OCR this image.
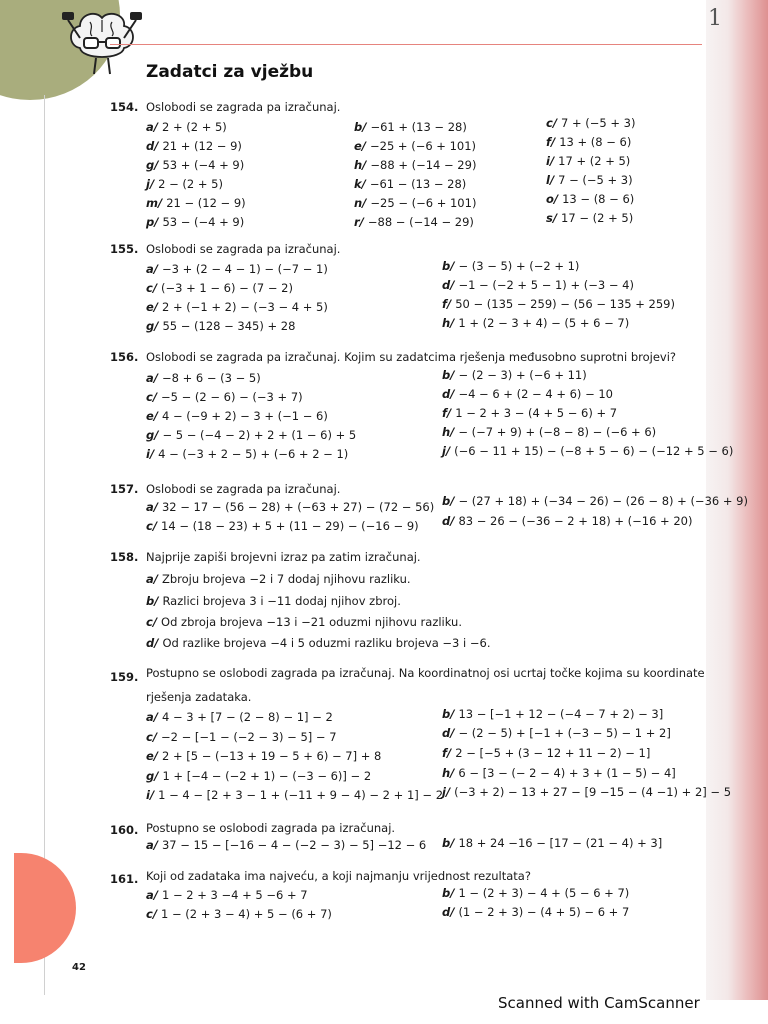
1
Zadatci za vježbu
154. Oslobodi se zagrada pa izračunaj.
a/ 2 + (2 + 5)	b/ −61 + (13 − 28)	c/ 7 + (−5 + 3)
d/ 21 + (12 − 9)	e/ −25 + (−6 + 101)	f/ 13 + (8 − 6)
g/ 53 + (−4 + 9)	h/ −88 + (−14 − 29)	i/ 17 + (2 + 5)
j/ 2 − (2 + 5)	k/ −61 − (13 − 28)	l/ 7 − (−5 + 3)
m/ 21 − (12 − 9)	n/ −25 − (−6 + 101)	o/ 13 − (8 − 6)
p/ 53 − (−4 + 9)	r/ −88 − (−14 − 29)	s/ 17 − (2 + 5)
155. Oslobodi se zagrada pa izračunaj.
a/ −3 + (2 − 4 − 1) − (−7 − 1)	b/ − (3 − 5) + (−2 + 1)
c/ (−3 + 1 − 6) − (7 − 2)	d/ −1 − (−2 + 5 − 1) + (−3 − 4)
e/ 2 + (−1 + 2) − (−3 − 4 + 5)	f/ 50 − (135 − 259) − (56 − 135 + 259)
g/ 55 − (128 − 345) + 28	h/ 1 + (2 − 3 + 4) − (5 + 6 − 7)
156. Oslobodi se zagrada pa izračunaj. Kojim su zadatcima rješenja međusobno suprotni brojevi?
a/ −8 + 6 − (3 − 5)	b/ − (2 − 3) + (−6 + 11)
c/ −5 − (2 − 6) − (−3 + 7)	d/ −4 − 6 + (2 − 4 + 6) − 10
e/ 4 − (−9 + 2) − 3 + (−1 − 6)	f/ 1 − 2 + 3 − (4 + 5 − 6) + 7
g/ − 5 − (−4 − 2) + 2 + (1 − 6) + 5	h/ − (−7 + 9) + (−8 − 8) − (−6 + 6)
i/ 4 − (−3 + 2 − 5) + (−6 + 2 − 1)	j/ (−6 − 11 + 15) − (−8 + 5 − 6) − (−12 + 5 − 6)
157. Oslobodi se zagrada pa izračunaj.
a/ 32 − 17 − (56 − 28) + (−63 + 27) − (72 − 56) b/ − (27 + 18) + (−34 − 26) − (26 − 8) + (−36 + 9)
c/ 14 − (18 − 23) + 5 + (11 − 29) − (−16 − 9) d/ 83 − 26 − (−36 − 2 + 18) + (−16 + 20)
158. Najprije zapiši brojevni izraz pa zatim izračunaj.
a/ Zbroju brojeva −2 i 7 dodaj njihovu razliku.
b/ Razlici brojeva 3 i −11 dodaj njihov zbroj.
c/ Od zbroja brojeva −13 i −21 oduzmi njihovu razliku.
d/ Od razlike brojeva −4 i 5 oduzmi razliku brojeva −3 i −6.
159. Postupno se oslobodi zagrada pa izračunaj. Na koordinatnoj osi ucrtaj točke kojima su koordinate
rješenja zadataka.
a/ 4 − 3 + [7 − (2 − 8) − 1] − 2	b/ 13 − [−1 + 12 − (−4 − 7 + 2) − 3]
c/ −2 − [−1 − (−2 − 3) − 5] − 7	d/ − (2 − 5) + [−1 + (−3 − 5) − 1 + 2]
e/ 2 + [5 − (−13 + 19 − 5 + 6) − 7] + 8	f/ 2 − [−5 + (3 − 12 + 11 − 2) − 1]
g/ 1 + [−4 − (−2 + 1) − (−3 − 6)] − 2	h/ 6 − [3 − (− 2 − 4) + 3 + (1 − 5) − 4]
i/ 1 − 4 − [2 + 3 − 1 + (−11 + 9 − 4) − 2 + 1] − 2
j/ (−3 + 2) − 13 + 27 − [9 −15 − (4 −1) + 2] − 5
160. Postupno se oslobodi zagrada pa izračunaj.
a/ 37 − 15 − [−16 − 4 − (−2 − 3) − 5] −12 − 6 b/ 18 + 24 −16 − [17 − (21 − 4) + 3]
161. Koji od zadataka ima najveću, a koji najmanju vrijednost rezultata?
a/ 1 − 2 + 3 −4 + 5 −6 + 7	b/ 1 − (2 + 3) − 4 + (5 − 6 + 7)
c/ 1 − (2 + 3 − 4) + 5 − (6 + 7)	d/ (1 − 2 + 3) − (4 + 5) − 6 + 7
42
Scanned with CamScanner
